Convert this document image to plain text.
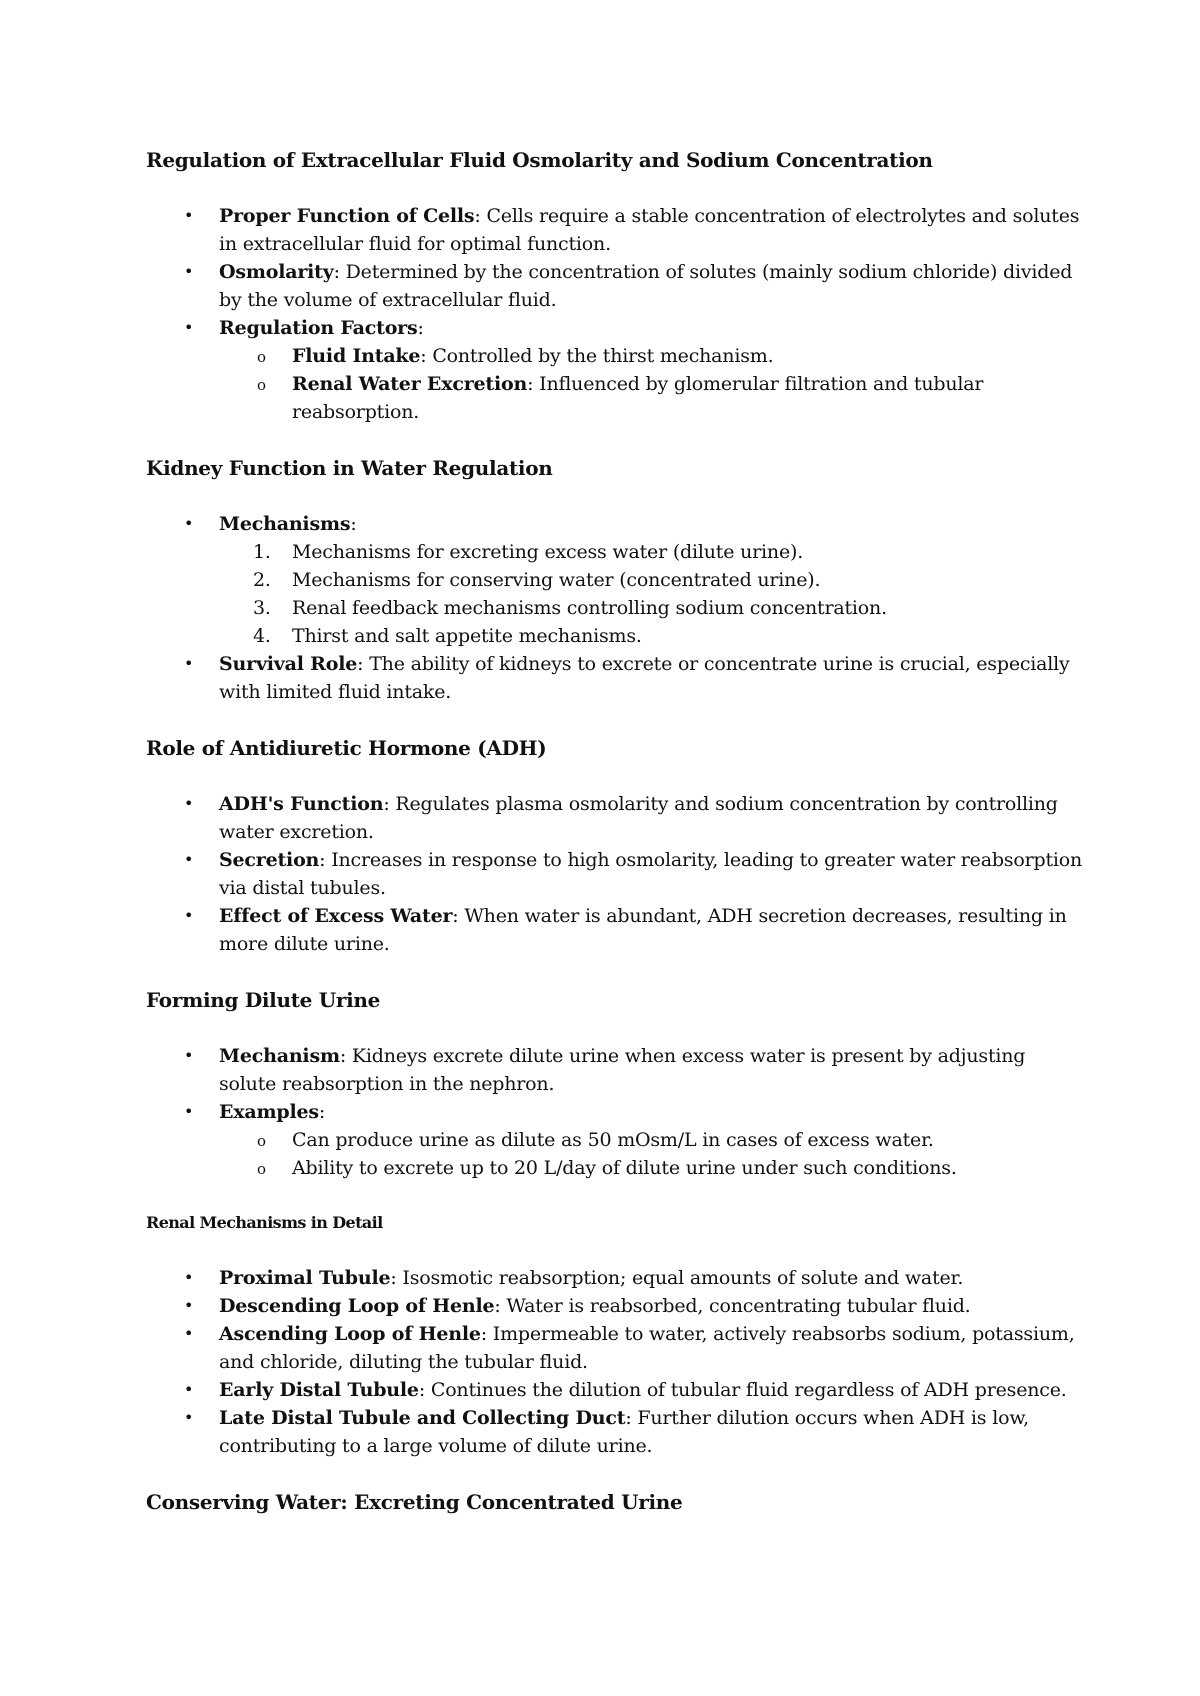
Regulation of Extracellular Fluid Osmolarity and Sodium Concentration
• Proper Function of Cells: Cells require a stable concentration of electrolytes and solutes in extracellular fluid for optimal function.
• Osmolarity: Determined by the concentration of solutes (mainly sodium chloride) divided by the volume of extracellular fluid.
• Regulation Factors:
o Fluid Intake: Controlled by the thirst mechanism.
o Renal Water Excretion: Influenced by glomerular filtration and tubular reabsorption.
Kidney Function in Water Regulation
• Mechanisms:
1. Mechanisms for excreting excess water (dilute urine).
2. Mechanisms for conserving water (concentrated urine).
3. Renal feedback mechanisms controlling sodium concentration.
4. Thirst and salt appetite mechanisms.
• Survival Role: The ability of kidneys to excrete or concentrate urine is crucial, especially with limited fluid intake.
Role of Antidiuretic Hormone (ADH)
• ADH's Function: Regulates plasma osmolarity and sodium concentration by controlling water excretion.
• Secretion: Increases in response to high osmolarity, leading to greater water reabsorption via distal tubules.
• Effect of Excess Water: When water is abundant, ADH secretion decreases, resulting in more dilute urine.
Forming Dilute Urine
• Mechanism: Kidneys excrete dilute urine when excess water is present by adjusting solute reabsorption in the nephron.
• Examples:
o Can produce urine as dilute as 50 mOsm/L in cases of excess water.
o Ability to excrete up to 20 L/day of dilute urine under such conditions.
Renal Mechanisms in Detail
• Proximal Tubule: Isosmotic reabsorption; equal amounts of solute and water.
• Descending Loop of Henle: Water is reabsorbed, concentrating tubular fluid.
• Ascending Loop of Henle: Impermeable to water, actively reabsorbs sodium, potassium, and chloride, diluting the tubular fluid.
• Early Distal Tubule: Continues the dilution of tubular fluid regardless of ADH presence.
• Late Distal Tubule and Collecting Duct: Further dilution occurs when ADH is low, contributing to a large volume of dilute urine.
Conserving Water: Excreting Concentrated Urine
